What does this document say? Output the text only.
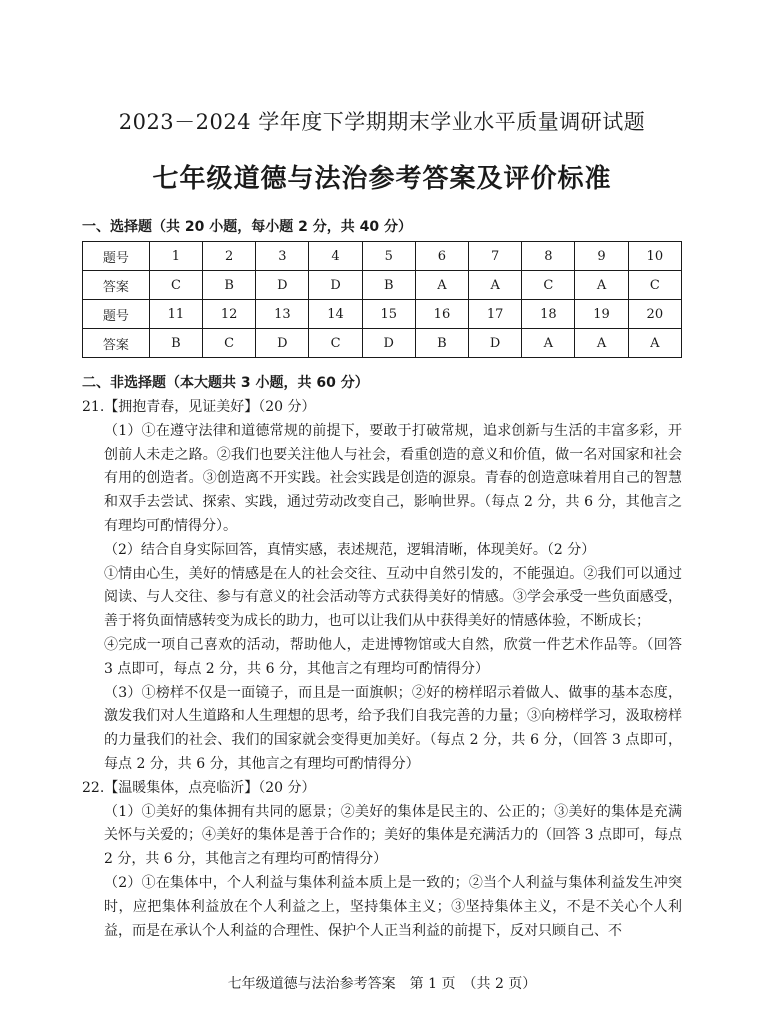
2023－2024 学年度下学期期末学业水平质量调研试题
七年级道德与法治参考答案及评价标准
一、选择题（共 20 小题，每小题 2 分，共 40 分）
题号	1	2	3	4	5	6	7	8	9	10
答案	C	B	D	D	B	A	A	C	A	C
题号	11	12	13	14	15	16	17	18	19	20
答案	B	C	D	C	D	B	D	A	A	A
二、非选择题（本大题共 3 小题，共 60 分）

21.【拥抱青春，见证美好】（20 分）

（1）①在遵守法律和道德常规的前提下，要敢于打破常规，追求创新与生活的丰富多彩，开创前人未走之路。②我们也要关注他人与社会，看重创造的意义和价值，做一名对国家和社会有用的创造者。③创造离不开实践。社会实践是创造的源泉。青春的创造意味着用自己的智慧和双手去尝试、探索、实践，通过劳动改变自己，影响世界。（每点 2 分，共 6 分，其他言之有理均可酌情得分）。

（2）结合自身实际回答，真情实感，表述规范，逻辑清晰，体现美好。（2 分）

①情由心生，美好的情感是在人的社会交往、互动中自然引发的，不能强迫。②我们可以通过阅读、与人交往、参与有意义的社会活动等方式获得美好的情感。③学会承受一些负面感受，善于将负面情感转变为成长的助力，也可以让我们从中获得美好的情感体验，不断成长；

④完成一项自己喜欢的活动，帮助他人，走进博物馆或大自然，欣赏一件艺术作品等。（回答 3 点即可，每点 2 分，共 6 分，其他言之有理均可酌情得分）

（3）①榜样不仅是一面镜子，而且是一面旗帜；②好的榜样昭示着做人、做事的基本态度，激发我们对人生道路和人生理想的思考，给予我们自我完善的力量；③向榜样学习，汲取榜样的力量我们的社会、我们的国家就会变得更加美好。（每点 2 分，共 6 分，（回答 3 点即可，每点 2 分，共 6 分，其他言之有理均可酌情得分）

22.【温暖集体，点亮临沂】（20 分）

（1）①美好的集体拥有共同的愿景；②美好的集体是民主的、公正的；③美好的集体是充满关怀与关爱的；④美好的集体是善于合作的；美好的集体是充满活力的（回答 3 点即可，每点 2 分，共 6 分，其他言之有理均可酌情得分）

（2）①在集体中，个人利益与集体利益本质上是一致的；②当个人利益与集体利益发生冲突时，应把集体利益放在个人利益之上，坚持集体主义；③坚持集体主义，不是不关心个人利益，而是在承认个人利益的合理性、保护个人正当利益的前提下，反对只顾自己、不

七年级道德与法治参考答案　第 1 页　（共 2 页）
